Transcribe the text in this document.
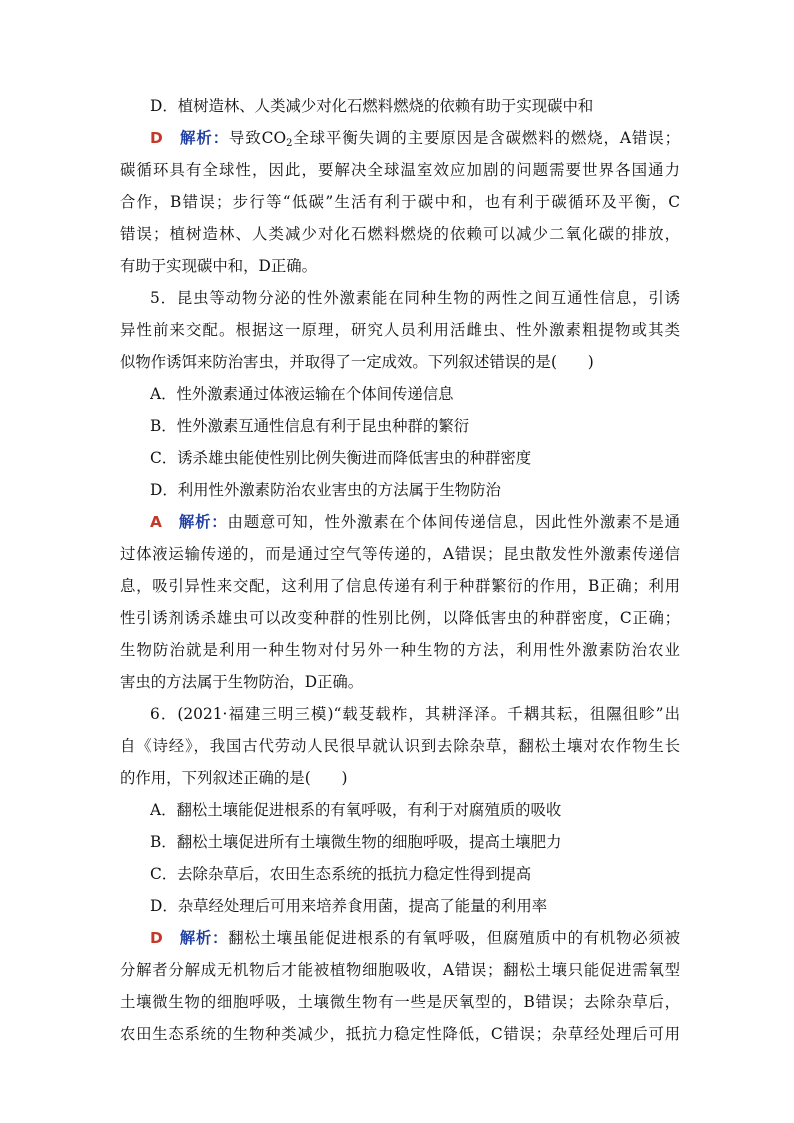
D．植树造林、人类减少对化石燃料燃烧的依赖有助于实现碳中和
D　 解析：导致CO2全球平衡失调的主要原因是含碳燃料的燃烧，A错误；
碳循环具有全球性，因此，要解决全球温室效应加剧的问题需要世界各国通力
合作，B错误；步行等“低碳”生活有利于碳中和，也有利于碳循环及平衡，C
错误；植树造林、人类减少对化石燃料燃烧的依赖可以减少二氧化碳的排放，
有助于实现碳中和，D正确。
5．昆虫等动物分泌的性外激素能在同种生物的两性之间互通性信息，引诱
异性前来交配。根据这一原理，研究人员利用活雌虫、性外激素粗提物或其类
似物作诱饵来防治害虫，并取得了一定成效。下列叙述错误的是(　　)
A．性外激素通过体液运输在个体间传递信息
B．性外激素互通性信息有利于昆虫种群的繁衍
C．诱杀雄虫能使性别比例失衡进而降低害虫的种群密度
D．利用性外激素防治农业害虫的方法属于生物防治
A　 解析：由题意可知，性外激素在个体间传递信息，因此性外激素不是通
过体液运输传递的，而是通过空气等传递的，A错误；昆虫散发性外激素传递信
息，吸引异性来交配，这利用了信息传递有利于种群繁衍的作用，B正确；利用
性引诱剂诱杀雄虫可以改变种群的性别比例，以降低害虫的种群密度，C正确；
生物防治就是利用一种生物对付另外一种生物的方法，利用性外激素防治农业
害虫的方法属于生物防治，D正确。
6．(2021·福建三明三模)“载芟载柞，其耕泽泽。千耦其耘，徂隰徂畛”出
自《诗经》，我国古代劳动人民很早就认识到去除杂草，翻松土壤对农作物生长
的作用，下列叙述正确的是(　　)
A．翻松土壤能促进根系的有氧呼吸，有利于对腐殖质的吸收
B．翻松土壤促进所有土壤微生物的细胞呼吸，提高土壤肥力
C．去除杂草后，农田生态系统的抵抗力稳定性得到提高
D．杂草经处理后可用来培养食用菌，提高了能量的利用率
D　 解析：翻松土壤虽能促进根系的有氧呼吸，但腐殖质中的有机物必须被
分解者分解成无机物后才能被植物细胞吸收，A错误；翻松土壤只能促进需氧型
土壤微生物的细胞呼吸，土壤微生物有一些是厌氧型的，B错误；去除杂草后，
农田生态系统的生物种类减少，抵抗力稳定性降低，C错误；杂草经处理后可用
